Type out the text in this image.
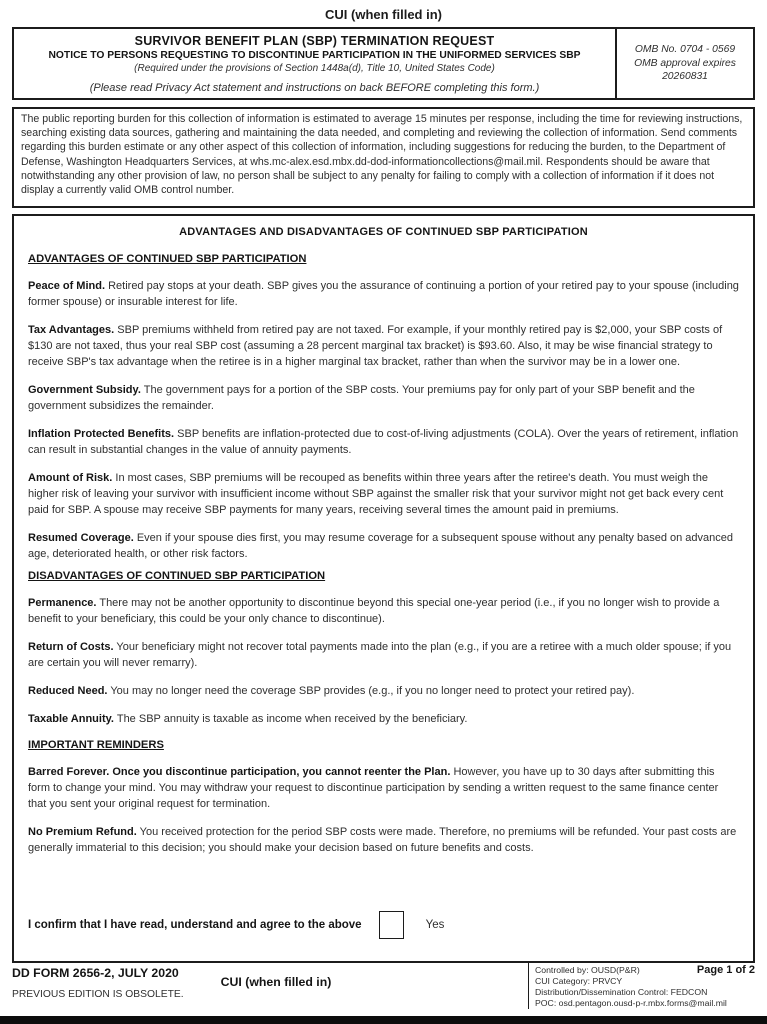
CUI (when filled in)
SURVIVOR BENEFIT PLAN (SBP) TERMINATION REQUEST
NOTICE TO PERSONS REQUESTING TO DISCONTINUE PARTICIPATION IN THE UNIFORMED SERVICES SBP
(Required under the provisions of Section 1448a(d), Title 10, United States Code)
(Please read Privacy Act statement and instructions on back BEFORE completing this form.)
OMB No. 0704 - 0569
OMB approval expires
20260831

The public reporting burden for this collection of information is estimated to average 15 minutes per response, including the time for reviewing instructions, searching existing data sources, gathering and maintaining the data needed, and completing and reviewing the collection of information. Send comments regarding this burden estimate or any other aspect of this collection of information, including suggestions for reducing the burden, to the Department of Defense, Washington Headquarters Services, at whs.mc-alex.esd.mbx.dd-dod-informationcollections@mail.mil. Respondents should be aware that notwithstanding any other provision of law, no person shall be subject to any penalty for failing to comply with a collection of information if it does not display a currently valid OMB control number.

ADVANTAGES AND DISADVANTAGES OF CONTINUED SBP PARTICIPATION
ADVANTAGES OF CONTINUED SBP PARTICIPATION

Peace of Mind. Retired pay stops at your death. SBP gives you the assurance of continuing a portion of your retired pay to your spouse (including former spouse) or insurable interest for life.

Tax Advantages. SBP premiums withheld from retired pay are not taxed. For example, if your monthly retired pay is $2,000, your SBP costs of $130 are not taxed, thus your real SBP cost (assuming a 28 percent marginal tax bracket) is $93.60. Also, it may be wise financial strategy to receive SBP's tax advantage when the retiree is in a higher marginal tax bracket, rather than when the survivor may be in a lower one.

Government Subsidy. The government pays for a portion of the SBP costs. Your premiums pay for only part of your SBP benefit and the government subsidizes the remainder.

Inflation Protected Benefits. SBP benefits are inflation-protected due to cost-of-living adjustments (COLA). Over the years of retirement, inflation can result in substantial changes in the value of annuity payments.

Amount of Risk. In most cases, SBP premiums will be recouped as benefits within three years after the retiree's death. You must weigh the higher risk of leaving your survivor with insufficient income without SBP against the smaller risk that your survivor might not get back every cent paid for SBP. A spouse may receive SBP payments for many years, receiving several times the amount paid in premiums.

Resumed Coverage. Even if your spouse dies first, you may resume coverage for a subsequent spouse without any penalty based on advanced age, deteriorated health, or other risk factors.

DISADVANTAGES OF CONTINUED SBP PARTICIPATION

Permanence. There may not be another opportunity to discontinue beyond this special one-year period (i.e., if you no longer wish to provide a benefit to your beneficiary, this could be your only chance to discontinue).

Return of Costs. Your beneficiary might not recover total payments made into the plan (e.g., if you are a retiree with a much older spouse; if you are certain you will never remarry).

Reduced Need. You may no longer need the coverage SBP provides (e.g., if you no longer need to protect your retired pay).

Taxable Annuity. The SBP annuity is taxable as income when received by the beneficiary.

IMPORTANT REMINDERS

Barred Forever. Once you discontinue participation, you cannot reenter the Plan. However, you have up to 30 days after submitting this form to change your mind. You may withdraw your request to discontinue participation by sending a written request to the same finance center that you sent your original request for termination.

No Premium Refund. You received protection for the period SBP costs were made. Therefore, no premiums will be refunded. Your past costs are generally immaterial to this decision; you should make your decision based on future benefits and costs.

I confirm that I have read, understand and agree to the above	Yes
DD FORM 2656-2, JULY 2020
PREVIOUS EDITION IS OBSOLETE.
CUI (when filled in)
Controlled by: OUSD(P&R)	Page 1 of 2
CUI Category: PRVCY
Distribution/Dissemination Control: FEDCON
POC: osd.pentagon.ousd-p-r.mbx.forms@mail.mil
